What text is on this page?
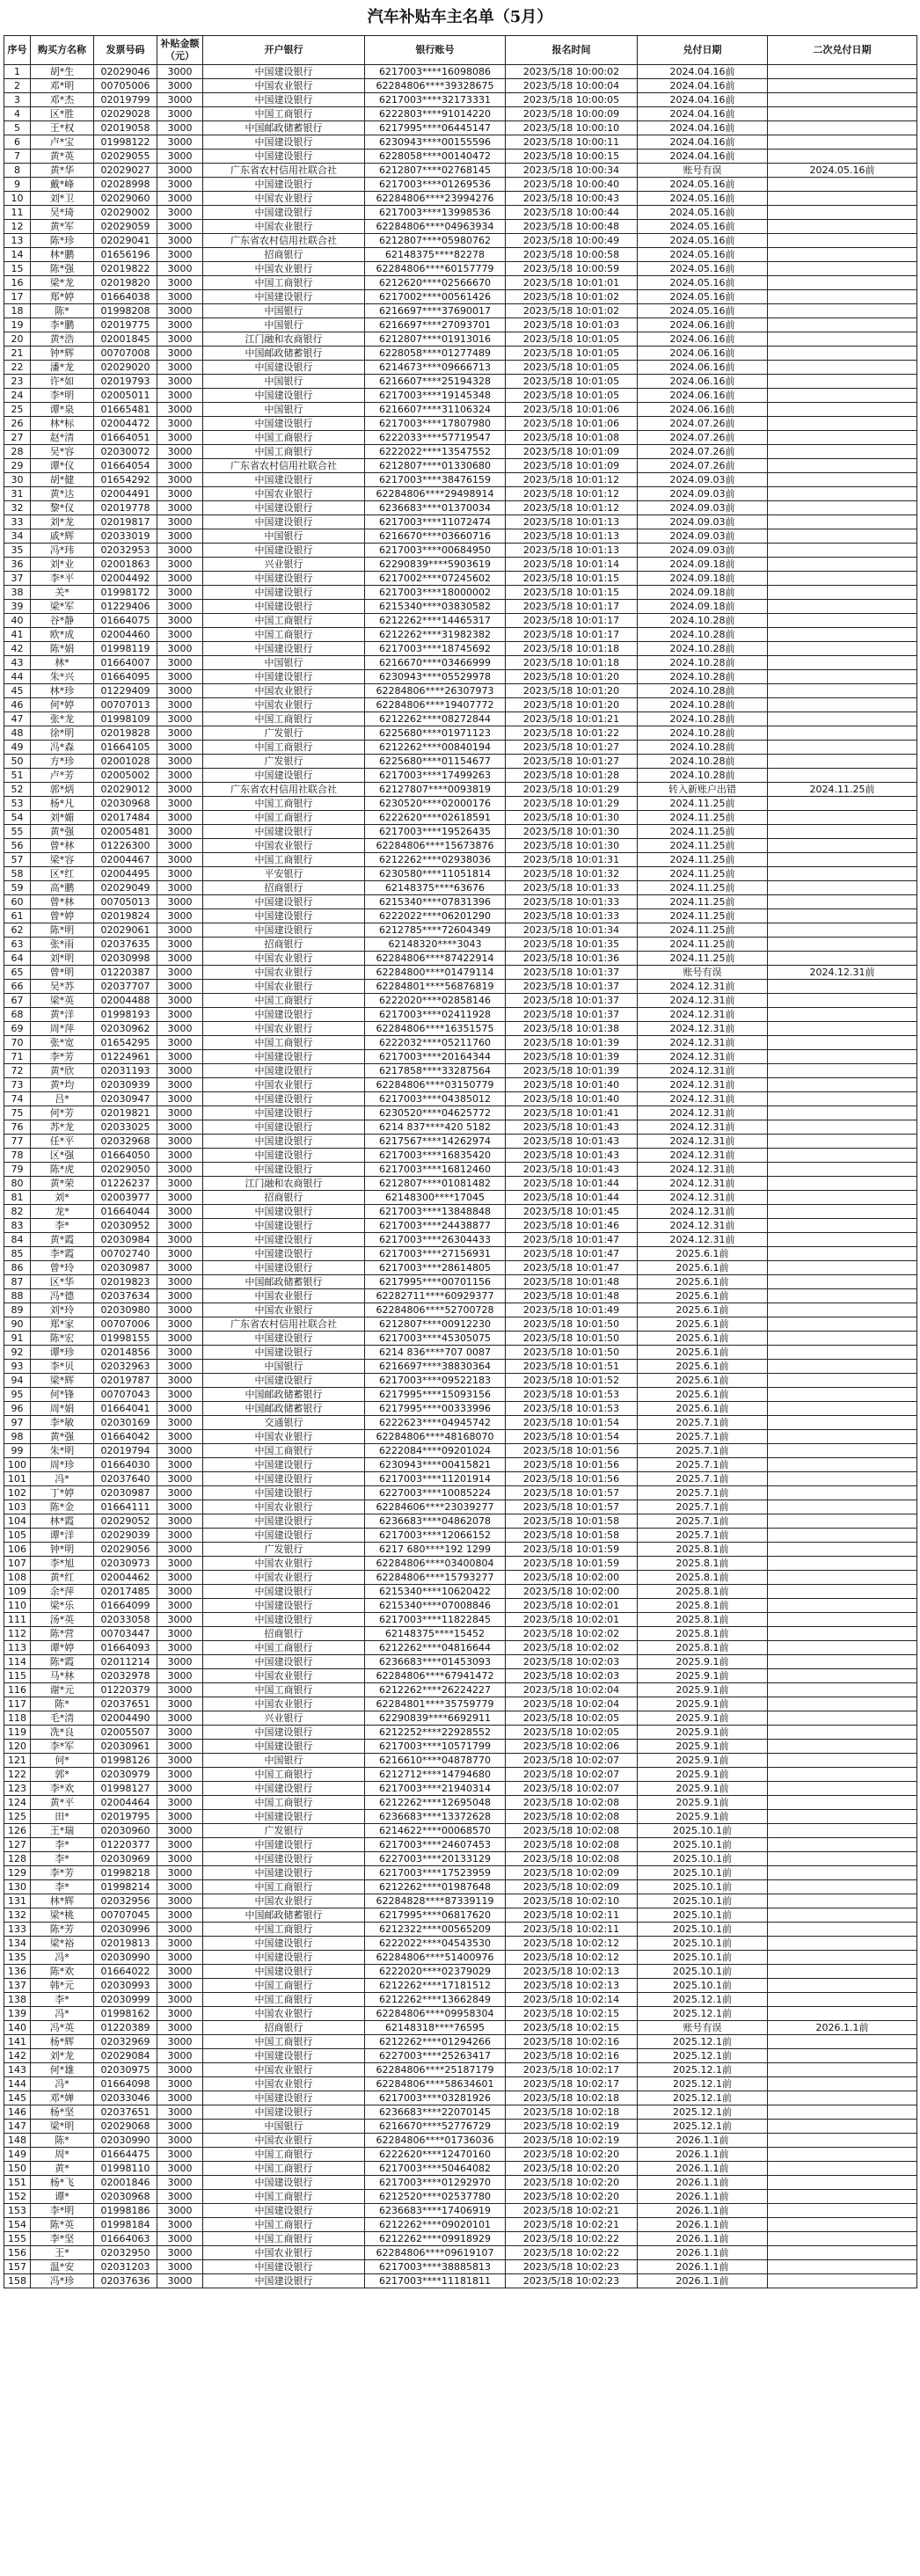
汽车补贴车主名单（5月）
序号	购买方名称	发票号码	补贴金额（元）	开户银行	银行账号	报名时间	兑付日期	二次兑付日期
1	胡*生	02029046	3000	中国建设银行	6217003****16098086	2023/5/18 10:00:02	2024.04.16前	
2	邓*明	00705006	3000	中国农业银行	62284806****39328675	2023/5/18 10:00:04	2024.04.16前	
3	邓*杰	02019799	3000	中国建设银行	6217003****32173331	2023/5/18 10:00:05	2024.04.16前	
4	区*胜	02029028	3000	中国工商银行	6222803****91014220	2023/5/18 10:00:09	2024.04.16前	
5	王*权	02019058	3000	中国邮政储蓄银行	6217995****06445147	2023/5/18 10:00:10	2024.04.16前	
6	卢*宝	01998122	3000	中国建设银行	6230943****00155596	2023/5/18 10:00:11	2024.04.16前	
7	黄*英	02029055	3000	中国建设银行	6228058****00140472	2023/5/18 10:00:15	2024.04.16前	
8	黄*华	02029027	3000	广东省农村信用社联合社	6212807****02768145	2023/5/18 10:00:34	账号有误	2024.05.16前
9	戴*峰	02028998	3000	中国建设银行	6217003****01269536	2023/5/18 10:00:40	2024.05.16前	
10	刘*卫	02029060	3000	中国农业银行	62284806****23994276	2023/5/18 10:00:43	2024.05.16前	
11	吴*琦	02029002	3000	中国建设银行	6217003****13998536	2023/5/18 10:00:44	2024.05.16前	
12	黄*军	02029059	3000	中国农业银行	62284806****04963934	2023/5/18 10:00:48	2024.05.16前	
13	陈*珍	02029041	3000	广东省农村信用社联合社	6212807****05980762	2023/5/18 10:00:49	2024.05.16前	
14	林*鹏	01656196	3000	招商银行	62148375****82278	2023/5/18 10:00:58	2024.05.16前	
15	陈*强	02019822	3000	中国农业银行	62284806****60157779	2023/5/18 10:00:59	2024.05.16前	
16	梁*龙	02019820	3000	中国工商银行	6212620****02566670	2023/5/18 10:01:01	2024.05.16前	
17	郑*婷	01664038	3000	中国建设银行	6217002****00561426	2023/5/18 10:01:02	2024.05.16前	
18	陈*	01998208	3000	中国银行	6216697****37690017	2023/5/18 10:01:02	2024.05.16前	
19	李*鹏	02019775	3000	中国银行	6216697****27093701	2023/5/18 10:01:03	2024.06.16前	
20	黄*浩	02001845	3000	江门融和农商银行	6212807****01913016	2023/5/18 10:01:05	2024.06.16前	
21	钟*辉	00707008	3000	中国邮政储蓄银行	6228058****01277489	2023/5/18 10:01:05	2024.06.16前	
22	潘*龙	02029020	3000	中国建设银行	6214673****09666713	2023/5/18 10:01:05	2024.06.16前	
23	许*如	02019793	3000	中国银行	6216607****25194328	2023/5/18 10:01:05	2024.06.16前	
24	李*明	02005011	3000	中国建设银行	6217003****19145348	2023/5/18 10:01:05	2024.06.16前	
25	谭*泉	01665481	3000	中国银行	6216607****31106324	2023/5/18 10:01:06	2024.06.16前	
26	林*标	02004472	3000	中国建设银行	6217003****17807980	2023/5/18 10:01:06	2024.07.26前	
27	赵*清	01664051	3000	中国工商银行	6222033****57719547	2023/5/18 10:01:08	2024.07.26前	
28	吴*容	02030072	3000	中国工商银行	6222022****13547552	2023/5/18 10:01:09	2024.07.26前	
29	谭*仪	01664054	3000	广东省农村信用社联合社	6212807****01330680	2023/5/18 10:01:09	2024.07.26前	
30	胡*健	01654292	3000	中国建设银行	6217003****38476159	2023/5/18 10:01:12	2024.09.03前	
31	黄*达	02004491	3000	中国农业银行	62284806****29498914	2023/5/18 10:01:12	2024.09.03前	
32	黎*仪	02019778	3000	中国建设银行	6236683****01370034	2023/5/18 10:01:12	2024.09.03前	
33	刘*龙	02019817	3000	中国建设银行	6217003****11072474	2023/5/18 10:01:13	2024.09.03前	
34	戚*辉	02033019	3000	中国银行	6216670****03660716	2023/5/18 10:01:13	2024.09.03前	
35	冯*玮	02032953	3000	中国建设银行	6217003****00684950	2023/5/18 10:01:13	2024.09.03前	
36	刘*业	02001863	3000	兴业银行	62290839****5903619	2023/5/18 10:01:14	2024.09.18前	
37	李*平	02004492	3000	中国建设银行	6217002****07245602	2023/5/18 10:01:15	2024.09.18前	
38	关*	01998172	3000	中国建设银行	6217003****18000002	2023/5/18 10:01:15	2024.09.18前	
39	梁*军	01229406	3000	中国建设银行	6215340****03830582	2023/5/18 10:01:17	2024.09.18前	
40	谷*静	01664075	3000	中国工商银行	6212262****14465317	2023/5/18 10:01:17	2024.10.28前	
41	欧*成	02004460	3000	中国工商银行	6212262****31982382	2023/5/18 10:01:17	2024.10.28前	
42	陈*娟	01998119	3000	中国建设银行	6217003****18745692	2023/5/18 10:01:18	2024.10.28前	
43	林*	01664007	3000	中国银行	6216670****03466999	2023/5/18 10:01:18	2024.10.28前	
44	朱*兴	01664095	3000	中国建设银行	6230943****05529978	2023/5/18 10:01:20	2024.10.28前	
45	林*珍	01229409	3000	中国农业银行	62284806****26307973	2023/5/18 10:01:20	2024.10.28前	
46	何*婷	00707013	3000	中国农业银行	62284806****19407772	2023/5/18 10:01:20	2024.10.28前	
47	张*龙	01998109	3000	中国工商银行	6212262****08272844	2023/5/18 10:01:21	2024.10.28前	
48	徐*明	02019828	3000	广发银行	6225680****01971123	2023/5/18 10:01:22	2024.10.28前	
49	冯*森	01664105	3000	中国工商银行	6212262****00840194	2023/5/18 10:01:27	2024.10.28前	
50	方*珍	02001028	3000	广发银行	6225680****01154677	2023/5/18 10:01:27	2024.10.28前	
51	卢*芳	02005002	3000	中国建设银行	6217003****17499263	2023/5/18 10:01:28	2024.10.28前	
52	郭*炳	02029012	3000	广东省农村信用社联合社	62127807****0093819	2023/5/18 10:01:29	转入新账户出错	2024.11.25前
53	杨*凡	02030968	3000	中国工商银行	6230520****02000176	2023/5/18 10:01:29	2024.11.25前	
54	刘*媚	02017484	3000	中国工商银行	6222620****02618591	2023/5/18 10:01:30	2024.11.25前	
55	黄*强	02005481	3000	中国建设银行	6217003****19526435	2023/5/18 10:01:30	2024.11.25前	
56	曾*林	01226300	3000	中国农业银行	62284806****15673876	2023/5/18 10:01:30	2024.11.25前	
57	梁*容	02004467	3000	中国工商银行	6212262****02938036	2023/5/18 10:01:31	2024.11.25前	
58	区*红	02004495	3000	平安银行	6230580****11051814	2023/5/18 10:01:32	2024.11.25前	
59	高*鹏	02029049	3000	招商银行	62148375****63676	2023/5/18 10:01:33	2024.11.25前	
60	曾*林	00705013	3000	中国建设银行	6215340****07831396	2023/5/18 10:01:33	2024.11.25前	
61	曾*婷	02019824	3000	中国建设银行	6222022****06201290	2023/5/18 10:01:33	2024.11.25前	
62	陈*明	02029061	3000	中国建设银行	6212785****72604349	2023/5/18 10:01:34	2024.11.25前	
63	张*雨	02037635	3000	招商银行	62148320****3043	2023/5/18 10:01:35	2024.11.25前	
64	刘*明	02030998	3000	中国农业银行	62284806****87422914	2023/5/18 10:01:36	2024.11.25前	
65	曾*明	01220387	3000	中国农业银行	62284800****01479114	2023/5/18 10:01:37	账号有误	2024.12.31前
66	吴*苏	02037707	3000	中国农业银行	62284801****56876819	2023/5/18 10:01:37	2024.12.31前	
67	梁*英	02004488	3000	中国工商银行	6222020****02858146	2023/5/18 10:01:37	2024.12.31前	
68	黄*洋	01998193	3000	中国建设银行	6217003****02411928	2023/5/18 10:01:37	2024.12.31前	
69	周*萍	02030962	3000	中国农业银行	62284806****16351575	2023/5/18 10:01:38	2024.12.31前	
70	张*宽	01654295	3000	中国工商银行	6222032****05211760	2023/5/18 10:01:39	2024.12.31前	
71	李*芳	01224961	3000	中国建设银行	6217003****20164344	2023/5/18 10:01:39	2024.12.31前	
72	黄*欣	02031193	3000	中国建设银行	6217858****33287564	2023/5/18 10:01:39	2024.12.31前	
73	黄*均	02030939	3000	中国农业银行	62284806****03150779	2023/5/18 10:01:40	2024.12.31前	
74	吕*	02030947	3000	中国建设银行	6217003****04385012	2023/5/18 10:01:40	2024.12.31前	
75	何*芳	02019821	3000	中国建设银行	6230520****04625772	2023/5/18 10:01:41	2024.12.31前	
76	苏*龙	02033025	3000	中国建设银行	6214 837****420 5182	2023/5/18 10:01:43	2024.12.31前	
77	任*平	02032968	3000	中国建设银行	6217567****14262974	2023/5/18 10:01:43	2024.12.31前	
78	区*强	01664050	3000	中国建设银行	6217003****16835420	2023/5/18 10:01:43	2024.12.31前	
79	陈*虎	02029050	3000	中国建设银行	6217003****16812460	2023/5/18 10:01:43	2024.12.31前	
80	黄*荣	01226237	3000	江门融和农商银行	6212807****01081482	2023/5/18 10:01:44	2024.12.31前	
81	刘*	02003977	3000	招商银行	62148300****17045	2023/5/18 10:01:44	2024.12.31前	
82	龙*	01664044	3000	中国建设银行	6217003****13848848	2023/5/18 10:01:45	2024.12.31前	
83	李*	02030952	3000	中国建设银行	6217003****24438877	2023/5/18 10:01:46	2024.12.31前	
84	黄*霞	02030984	3000	中国建设银行	6217003****26304433	2023/5/18 10:01:47	2024.12.31前	
85	李*霞	00702740	3000	中国建设银行	6217003****27156931	2023/5/18 10:01:47	2025.6.1前	
86	曾*玲	02030987	3000	中国建设银行	6217003****28614805	2023/5/18 10:01:47	2025.6.1前	
87	区*华	02019823	3000	中国邮政储蓄银行	6217995****00701156	2023/5/18 10:01:48	2025.6.1前	
88	冯*德	02037634	3000	中国农业银行	62282711****60929377	2023/5/18 10:01:48	2025.6.1前	
89	刘*玲	02030980	3000	中国农业银行	62284806****52700728	2023/5/18 10:01:49	2025.6.1前	
90	郑*家	00707006	3000	广东省农村信用社联合社	6212807****00912230	2023/5/18 10:01:50	2025.6.1前	
91	陈*宏	01998155	3000	中国建设银行	6217003****45305075	2023/5/18 10:01:50	2025.6.1前	
92	谭*珍	02014856	3000	中国建设银行	6214 836****707 0087	2023/5/18 10:01:50	2025.6.1前	
93	李*贝	02032963	3000	中国银行	6216697****38830364	2023/5/18 10:01:51	2025.6.1前	
94	梁*辉	02019787	3000	中国建设银行	6217003****09522183	2023/5/18 10:01:52	2025.6.1前	
95	何*锋	00707043	3000	中国邮政储蓄银行	6217995****15093156	2023/5/18 10:01:53	2025.6.1前	
96	周*娟	01664041	3000	中国邮政储蓄银行	6217995****00333996	2023/5/18 10:01:53	2025.6.1前	
97	李*敏	02030169	3000	交通银行	6222623****04945742	2023/5/18 10:01:54	2025.7.1前	
98	黄*强	01664042	3000	中国农业银行	62284806****48168070	2023/5/18 10:01:54	2025.7.1前	
99	朱*明	02019794	3000	中国工商银行	6222084****09201024	2023/5/18 10:01:56	2025.7.1前	
100	周*珍	01664030	3000	中国建设银行	6230943****00415821	2023/5/18 10:01:56	2025.7.1前	
101	冯*	02037640	3000	中国建设银行	6217003****11201914	2023/5/18 10:01:56	2025.7.1前	
102	丁*婷	02030987	3000	中国建设银行	6227003****10085224	2023/5/18 10:01:57	2025.7.1前	
103	陈*金	01664111	3000	中国农业银行	62284606****23039277	2023/5/18 10:01:57	2025.7.1前	
104	林*霞	02029052	3000	中国建设银行	6236683****04862078	2023/5/18 10:01:58	2025.7.1前	
105	谭*洋	02029039	3000	中国建设银行	6217003****12066152	2023/5/18 10:01:58	2025.7.1前	
106	钟*明	02029056	3000	广发银行	6217 680****192 1299	2023/5/18 10:01:59	2025.8.1前	
107	李*旭	02030973	3000	中国农业银行	62284806****03400804	2023/5/18 10:01:59	2025.8.1前	
108	黄*红	02004462	3000	中国农业银行	62284806****15793277	2023/5/18 10:02:00	2025.8.1前	
109	余*萍	02017485	3000	中国建设银行	6215340****10620422	2023/5/18 10:02:00	2025.8.1前	
110	梁*乐	01664099	3000	中国建设银行	6215340****07008846	2023/5/18 10:02:01	2025.8.1前	
111	汤*英	02033058	3000	中国建设银行	6217003****11822845	2023/5/18 10:02:01	2025.8.1前	
112	陈*营	00703447	3000	招商银行	62148375****15452	2023/5/18 10:02:02	2025.8.1前	
113	谭*婷	01664093	3000	中国工商银行	6212262****04816644	2023/5/18 10:02:02	2025.8.1前	
114	陈*霞	02011214	3000	中国建设银行	6236683****01453093	2023/5/18 10:02:03	2025.9.1前	
115	马*林	02032978	3000	中国农业银行	62284806****67941472	2023/5/18 10:02:03	2025.9.1前	
116	谢*元	01220379	3000	中国工商银行	6212262****26224227	2023/5/18 10:02:04	2025.9.1前	
117	陈*	02037651	3000	中国农业银行	62284801****35759779	2023/5/18 10:02:04	2025.9.1前	
118	毛*清	02004490	3000	兴业银行	62290839****6692911	2023/5/18 10:02:05	2025.9.1前	
119	冼*良	02005507	3000	中国建设银行	6212252****22928552	2023/5/18 10:02:05	2025.9.1前	
120	李*军	02030961	3000	中国建设银行	6217003****10571799	2023/5/18 10:02:06	2025.9.1前	
121	何*	01998126	3000	中国银行	6216610****04878770	2023/5/18 10:02:07	2025.9.1前	
122	郭*	02030979	3000	中国工商银行	6212712****14794680	2023/5/18 10:02:07	2025.9.1前	
123	李*欢	01998127	3000	中国建设银行	6217003****21940314	2023/5/18 10:02:07	2025.9.1前	
124	黄*平	02004464	3000	中国工商银行	6212262****12695048	2023/5/18 10:02:08	2025.9.1前	
125	田*	02019795	3000	中国建设银行	6236683****13372628	2023/5/18 10:02:08	2025.9.1前	
126	王*瑞	02030960	3000	广发银行	6214622****00068570	2023/5/18 10:02:08	2025.10.1前	
127	李*	01220377	3000	中国建设银行	6217003****24607453	2023/5/18 10:02:08	2025.10.1前	
128	李*	02030969	3000	中国建设银行	6227003****20133129	2023/5/18 10:02:08	2025.10.1前	
129	李*芳	01998218	3000	中国建设银行	6217003****17523959	2023/5/18 10:02:09	2025.10.1前	
130	李*	01998214	3000	中国工商银行	6212262****01987648	2023/5/18 10:02:09	2025.10.1前	
131	林*辉	02032956	3000	中国农业银行	62284828****87339119	2023/5/18 10:02:10	2025.10.1前	
132	梁*桃	00707045	3000	中国邮政储蓄银行	6217995****06817620	2023/5/18 10:02:11	2025.10.1前	
133	陈*芳	02030996	3000	中国工商银行	6212322****00565209	2023/5/18 10:02:11	2025.10.1前	
134	梁*裕	02019813	3000	中国建设银行	6222022****04543530	2023/5/18 10:02:12	2025.10.1前	
135	冯*	02030990	3000	中国建设银行	62284806****51400976	2023/5/18 10:02:12	2025.10.1前	
136	陈*欢	01664022	3000	中国建设银行	6222020****02379029	2023/5/18 10:02:13	2025.10.1前	
137	韩*元	02030993	3000	中国工商银行	6212262****17181512	2023/5/18 10:02:13	2025.10.1前	
138	李*	02030999	3000	中国工商银行	6212262****13662849	2023/5/18 10:02:14	2025.12.1前	
139	冯*	01998162	3000	中国农业银行	62284806****09958304	2023/5/18 10:02:15	2025.12.1前	
140	冯*英	01220389	3000	招商银行	62148318****76595	2023/5/18 10:02:15	账号有误	2026.1.1前
141	杨*辉	02032969	3000	中国工商银行	6212262****01294266	2023/5/18 10:02:16	2025.12.1前	
142	刘*龙	02029084	3000	中国建设银行	6227003****25263417	2023/5/18 10:02:16	2025.12.1前	
143	何*雄	02030975	3000	中国农业银行	62284806****25187179	2023/5/18 10:02:17	2025.12.1前	
144	冯*	01664098	3000	中国农业银行	62284806****58634601	2023/5/18 10:02:17	2025.12.1前	
145	邓*婵	02033046	3000	中国建设银行	6217003****03281926	2023/5/18 10:02:18	2025.12.1前	
146	杨*坚	02037651	3000	中国建设银行	6236683****22070145	2023/5/18 10:02:18	2025.12.1前	
147	梁*明	02029068	3000	中国银行	6216670****52776729	2023/5/18 10:02:19	2025.12.1前	
148	陈*	02030990	3000	中国农业银行	62284806****01736036	2023/5/18 10:02:19	2026.1.1前	
149	周*	01664475	3000	中国工商银行	6222620****12470160	2023/5/18 10:02:20	2026.1.1前	
150	黄*	01998110	3000	中国工商银行	6217003****50464082	2023/5/18 10:02:20	2026.1.1前	
151	杨*飞	02001846	3000	中国建设银行	6217003****01292970	2023/5/18 10:02:20	2026.1.1前	
152	谭*	02030968	3000	中国工商银行	6212520****02537780	2023/5/18 10:02:20	2026.1.1前	
153	李*明	01998186	3000	中国建设银行	6236683****17406919	2023/5/18 10:02:21	2026.1.1前	
154	陈*英	01998184	3000	中国工商银行	6212262****09020101	2023/5/18 10:02:21	2026.1.1前	
155	李*坚	01664063	3000	中国工商银行	6212262****09918929	2023/5/18 10:02:22	2026.1.1前	
156	王*	02032950	3000	中国农业银行	62284806****09619107	2023/5/18 10:02:22	2026.1.1前	
157	温*安	02031203	3000	中国建设银行	6217003****38885813	2023/5/18 10:02:23	2026.1.1前	
158	冯*珍	02037636	3000	中国建设银行	6217003****11181811	2023/5/18 10:02:23	2026.1.1前	
